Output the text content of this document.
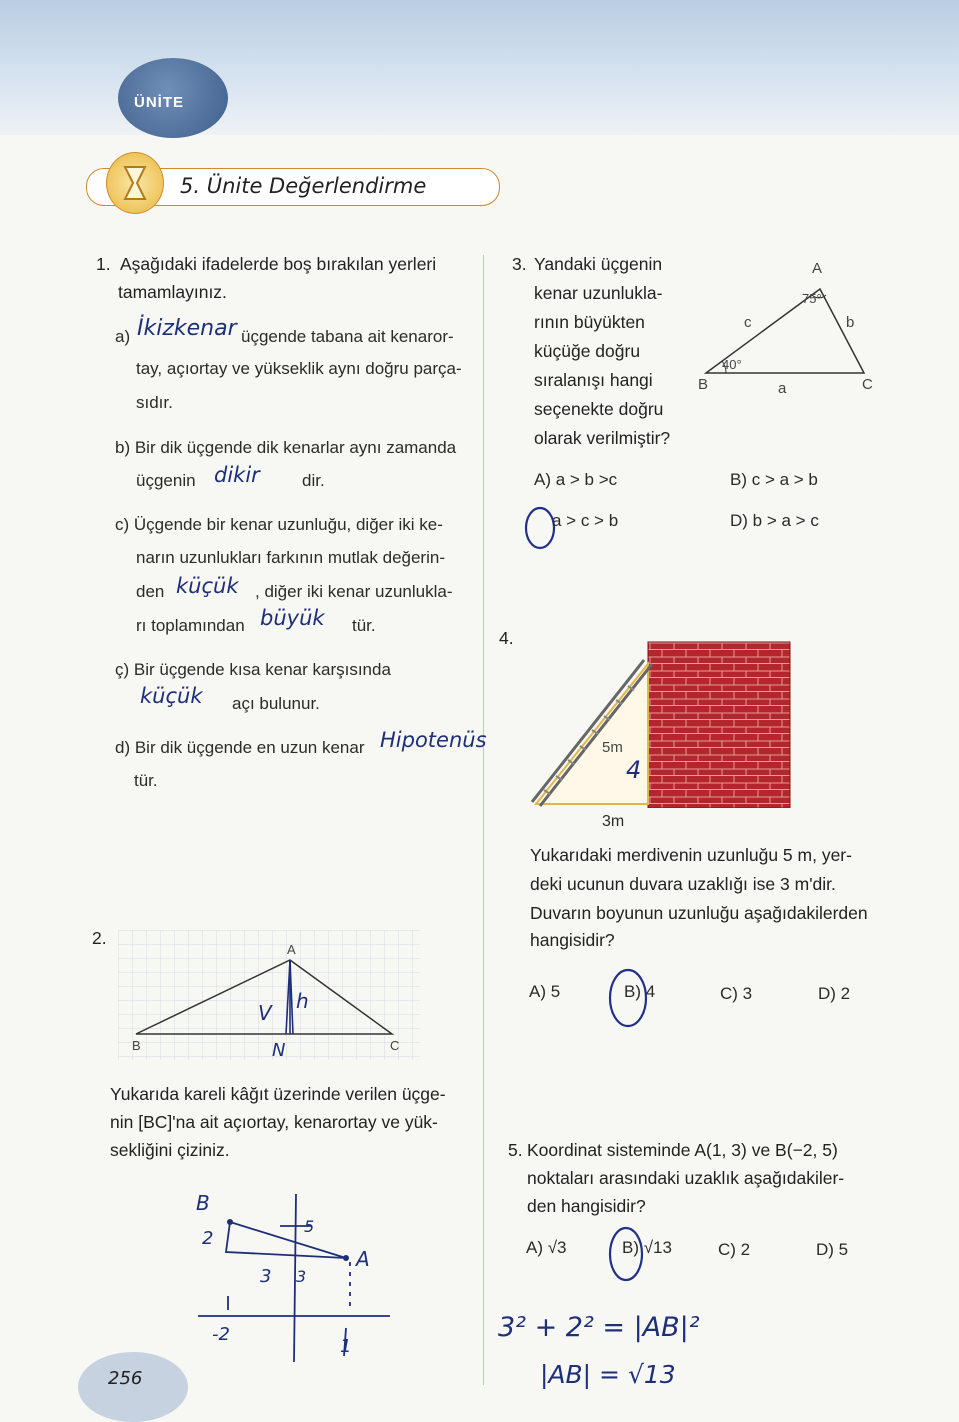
ÜNİTE
5. Ünite Değerlendirme
1. Aşağıdaki ifadelerde boş bırakılan yerleri
tamamlayınız.
a) İkizkenar üçgende tabana ait kenaror-
tay, açıortay ve yükseklik aynı doğru parça-
sıdır.
b) Bir dik üçgende dik kenarlar aynı zamanda
üçgenin dikir dir.
c) Üçgende bir kenar uzunluğu, diğer iki ke-
narın uzunlukları farkının mutlak değerin-
den küçük , diğer iki kenar uzunlukla-
rı toplamından büyük tür.
ç) Bir üçgende kısa kenar karşısında
küçük açı bulunur.
d) Bir dik üçgende en uzun kenar Hipotenüs
tür.
2.
A
B	C
V h
N
Yukarıda kareli kâğıt üzerinde verilen üçge-
nin [BC]'na ait açıortay, kenarortay ve yük-
sekliğini çiziniz.
B
A
2
5
3 3
-2
1
3. Yandaki üçgenin
kenar uzunlukla-
rının büyükten
küçüğe doğru
sıralanışı hangi
seçenekte doğru
olarak verilmiştir?
A
B	C
c	b
a
75°
40°
A) a > b >c	B) c > a > b
a > c > b	D) b > a > c
4.
5m
4
3m
Yukarıdaki merdivenin uzunluğu 5 m, yer-
deki ucunun duvara uzaklığı ise 3 m'dir.
Duvarın boyunun uzunluğu aşağıdakilerden
hangisidir?
A) 5	B) 4	C) 3	D) 2
5. Koordinat sisteminde A(1, 3) ve B(−2, 5)
noktaları arasındaki uzaklık aşağıdakiler-
den hangisidir?
A) √3	B) √13	C) 2	D) 5
3² + 2² = |AB|²
|AB| = √13
256
